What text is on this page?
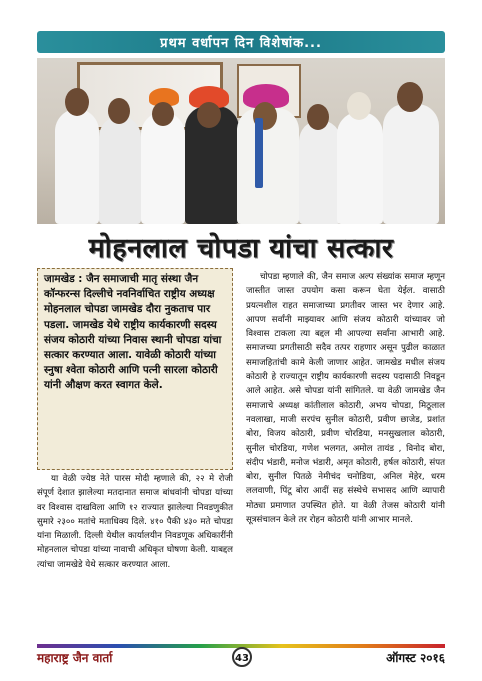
प्रथम वर्धापन दिन विशेषांक...
मोहनलाल चोपडा यांचा सत्कार

जामखेड : जैन समाजाची मातृ संस्था जैन कॉन्फरन्स दिल्लीचे नवनिर्वाचित राष्ट्रीय अध्यक्ष मोहनलाल चोपडा जामखेड दौरा नुकताच पार पडला. जामखेड येथे राष्ट्रीय कार्यकारणी सदस्य संजय कोठारी यांच्या निवास स्थानी चोपडा यांचा सत्कार करण्यात आला. यावेळी कोठारी यांच्या स्नुषा श्वेता कोठारी आणि पत्नी सारला कोठारी यांनी औक्षण करत स्वागत केले.

या वेळी ज्येष्ठ नेते पारस मोदी म्हणाले की, २२ मे रोजी संपूर्ण देशात झालेल्या मतदानात समाज बांधवांनी चोपडा यांच्या वर विश्वास दाखविला आणि १२ राज्यात झालेल्या निवडणुकीत सुमारे २३०० मतांचे मताधिक्य दिले. ४१० पैकी ४३० मते चोपडा यांना मिळाली. दिल्ली येथील कार्यालयीन निवडणूक अधिकारींनी मोहनलाल चोपडा यांच्या नावाची अधिकृत घोषणा केली. याबद्दल त्यांचा जामखेडे येथे सत्कार करण्यात आला.

चोपडा म्हणाले की, जैन समाज अल्प संख्यांक समाज म्हणून जास्तीत जास्त उपयोग कसा करून घेता येईल. वासाठी प्रयत्नशील राहत समाजाच्या प्रगतीवर जास्त भर देणार आहे. आपण सर्वांनी माझ्यावर आणि संजय कोठारी यांच्यावर जो विश्वास टाकला त्या बद्दल मी आपल्या सर्वांना आभारी आहे. समाजच्या प्रगतीसाठी सदैव तत्पर राहणार असून पुढील काळात समाजहितांची कामे केली जाणार आहेत. जामखेड मधील संजय कोठारी हे राज्यातून राष्ट्रीय कार्यकारणी सदस्य पदासाठी निवडून आले आहेत. असे चोपडा यांनी सांगितले. या वेळी जामखेड जैन समाजाचे अध्यक्ष कांतीलाल कोठारी, अभय चोपडा, मिठूलाल नवलाखा, माजी सरपंच सुनील कोठारी, प्रवीण छाजेड, प्रशांत बोरा, विजय कोठारी, प्रवीण चोरडिया, मनसुखलाल कोठारी, सुनील चोरडिया, गणेश भलगत, अमोल तायंड , विनोद बोरा, संदीप भंडारी, मनोज भंडारी, अमृत कोठारी, हर्षल कोठारी, संपत बोरा, सुनील पितळे नेमीचंद चनोडिया, अनिल मेहेर, धरम ललवाणी, पिंटू बोरा आदीं सह संस्थेचे सभासद आणि व्यापारी मोठ्या प्रमाणात उपस्थित होते. या वेळी तेजस कोठारी यांनी सूत्रसंचालन केले तर रोहन कोठारी यांनी आभार मानले.

महाराष्ट्र जैन वार्ता	43	ऑगस्ट २०१६
